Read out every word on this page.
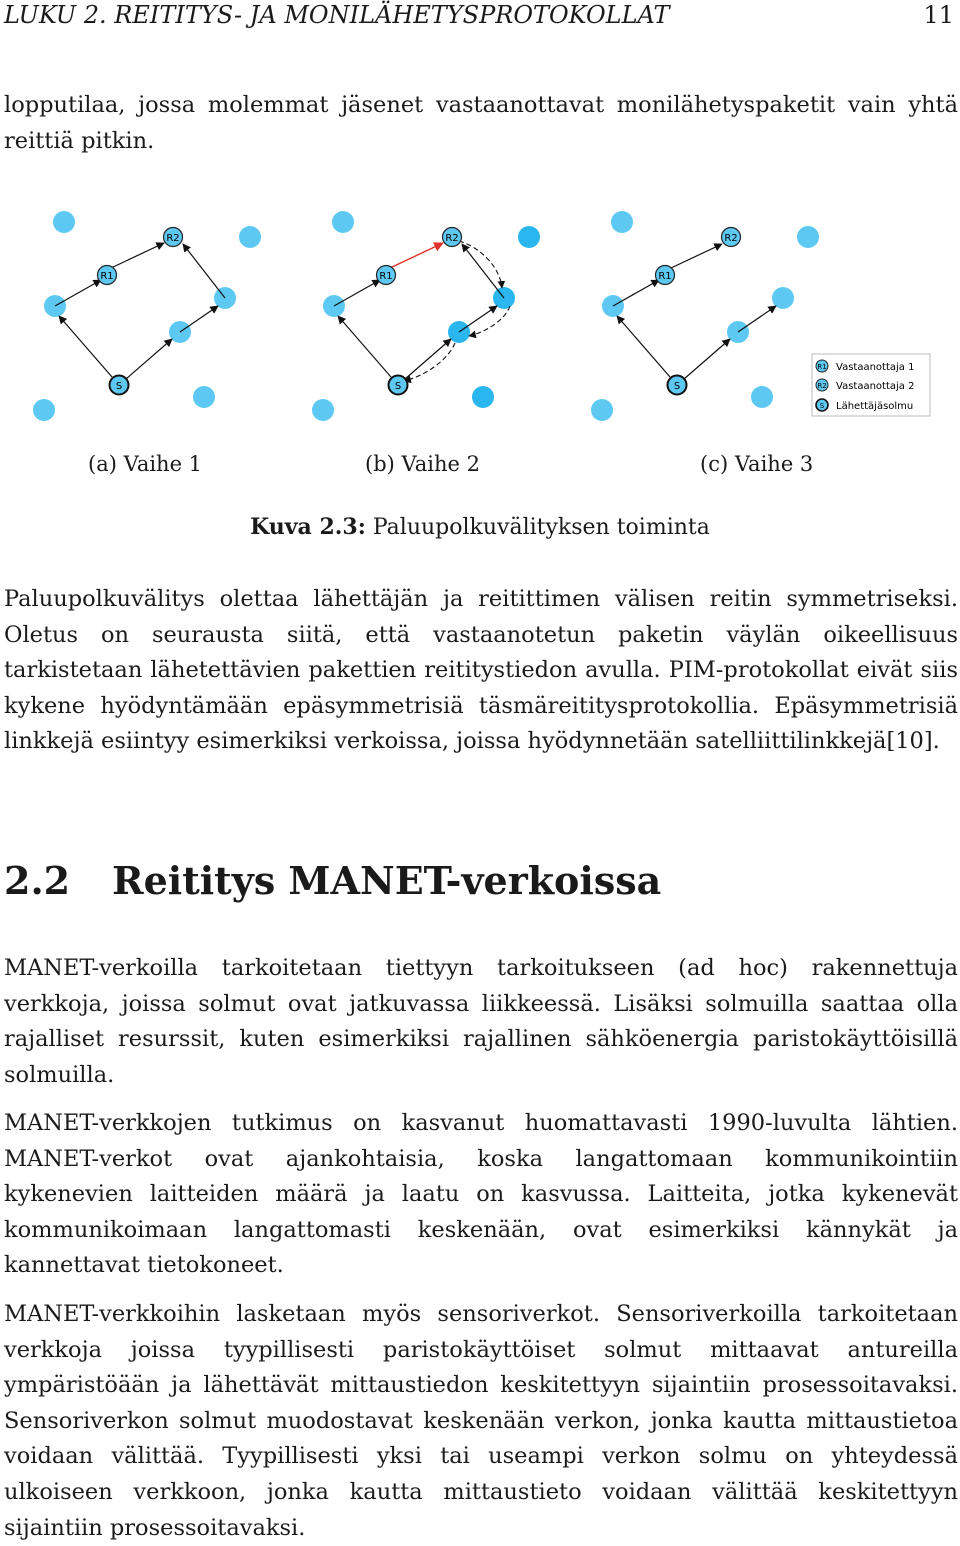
LUKU 2. REITITYS- JA MONILÄHETYSPROTOKOLLAT	11

lopputilaa, jossa molemmat jäsenet vastaanottavat monilähetyspaketit vain yhtä reittiä pitkin.

R2
R1
S
R2
R1
S
R2
R1
S
R1 Vastaanottaja 1
R2 Vastaanottaja 2
S Lähettäjäsolmu
(a) Vaihe 1	(b) Vaihe 2	(c) Vaihe 3
Kuva 2.3: Paluupolkuvälityksen toiminta

Paluupolkuvälitys olettaa lähettäjän ja reitittimen välisen reitin symmetriseksi. Oletus on seurausta siitä, että vastaanotetun paketin väylän oikeellisuus tarkistetaan lähetettävien pakettien reititystiedon avulla. PIM-protokollat eivät siis kykene hyödyntämään epäsymmetrisiä täsmäreititysprotokollia. Epäsymmetrisiä linkkejä esiintyy esimerkiksi verkoissa, joissa hyödynnetään satelliittilinkkejä[10].

2.2 Reititys MANET-verkoissa

MANET-verkoilla tarkoitetaan tiettyyn tarkoitukseen (ad hoc) rakennettuja verkkoja, joissa solmut ovat jatkuvassa liikkeessä. Lisäksi solmuilla saattaa olla rajalliset resurssit, kuten esimerkiksi rajallinen sähköenergia paristokäyttöisillä solmuilla.

MANET-verkkojen tutkimus on kasvanut huomattavasti 1990-luvulta lähtien. MANET-verkot ovat ajankohtaisia, koska langattomaan kommunikointiin kykenevien laitteiden määrä ja laatu on kasvussa. Laitteita, jotka kykenevät kommunikoimaan langattomasti keskenään, ovat esimerkiksi kännykät ja kannettavat tietokoneet.

MANET-verkkoihin lasketaan myös sensoriverkot. Sensoriverkoilla tarkoitetaan verkkoja joissa tyypillisesti paristokäyttöiset solmut mittaavat antureilla ympäristöään ja lähettävät mittaustiedon keskitettyyn sijaintiin prosessoitavaksi. Sensoriverkon solmut muodostavat keskenään verkon, jonka kautta mittaustietoa voidaan välittää. Tyypillisesti yksi tai useampi verkon solmu on yhteydessä ulkoiseen verkkoon, jonka kautta mittaustieto voidaan välittää keskitettyyn sijaintiin prosessoitavaksi.
